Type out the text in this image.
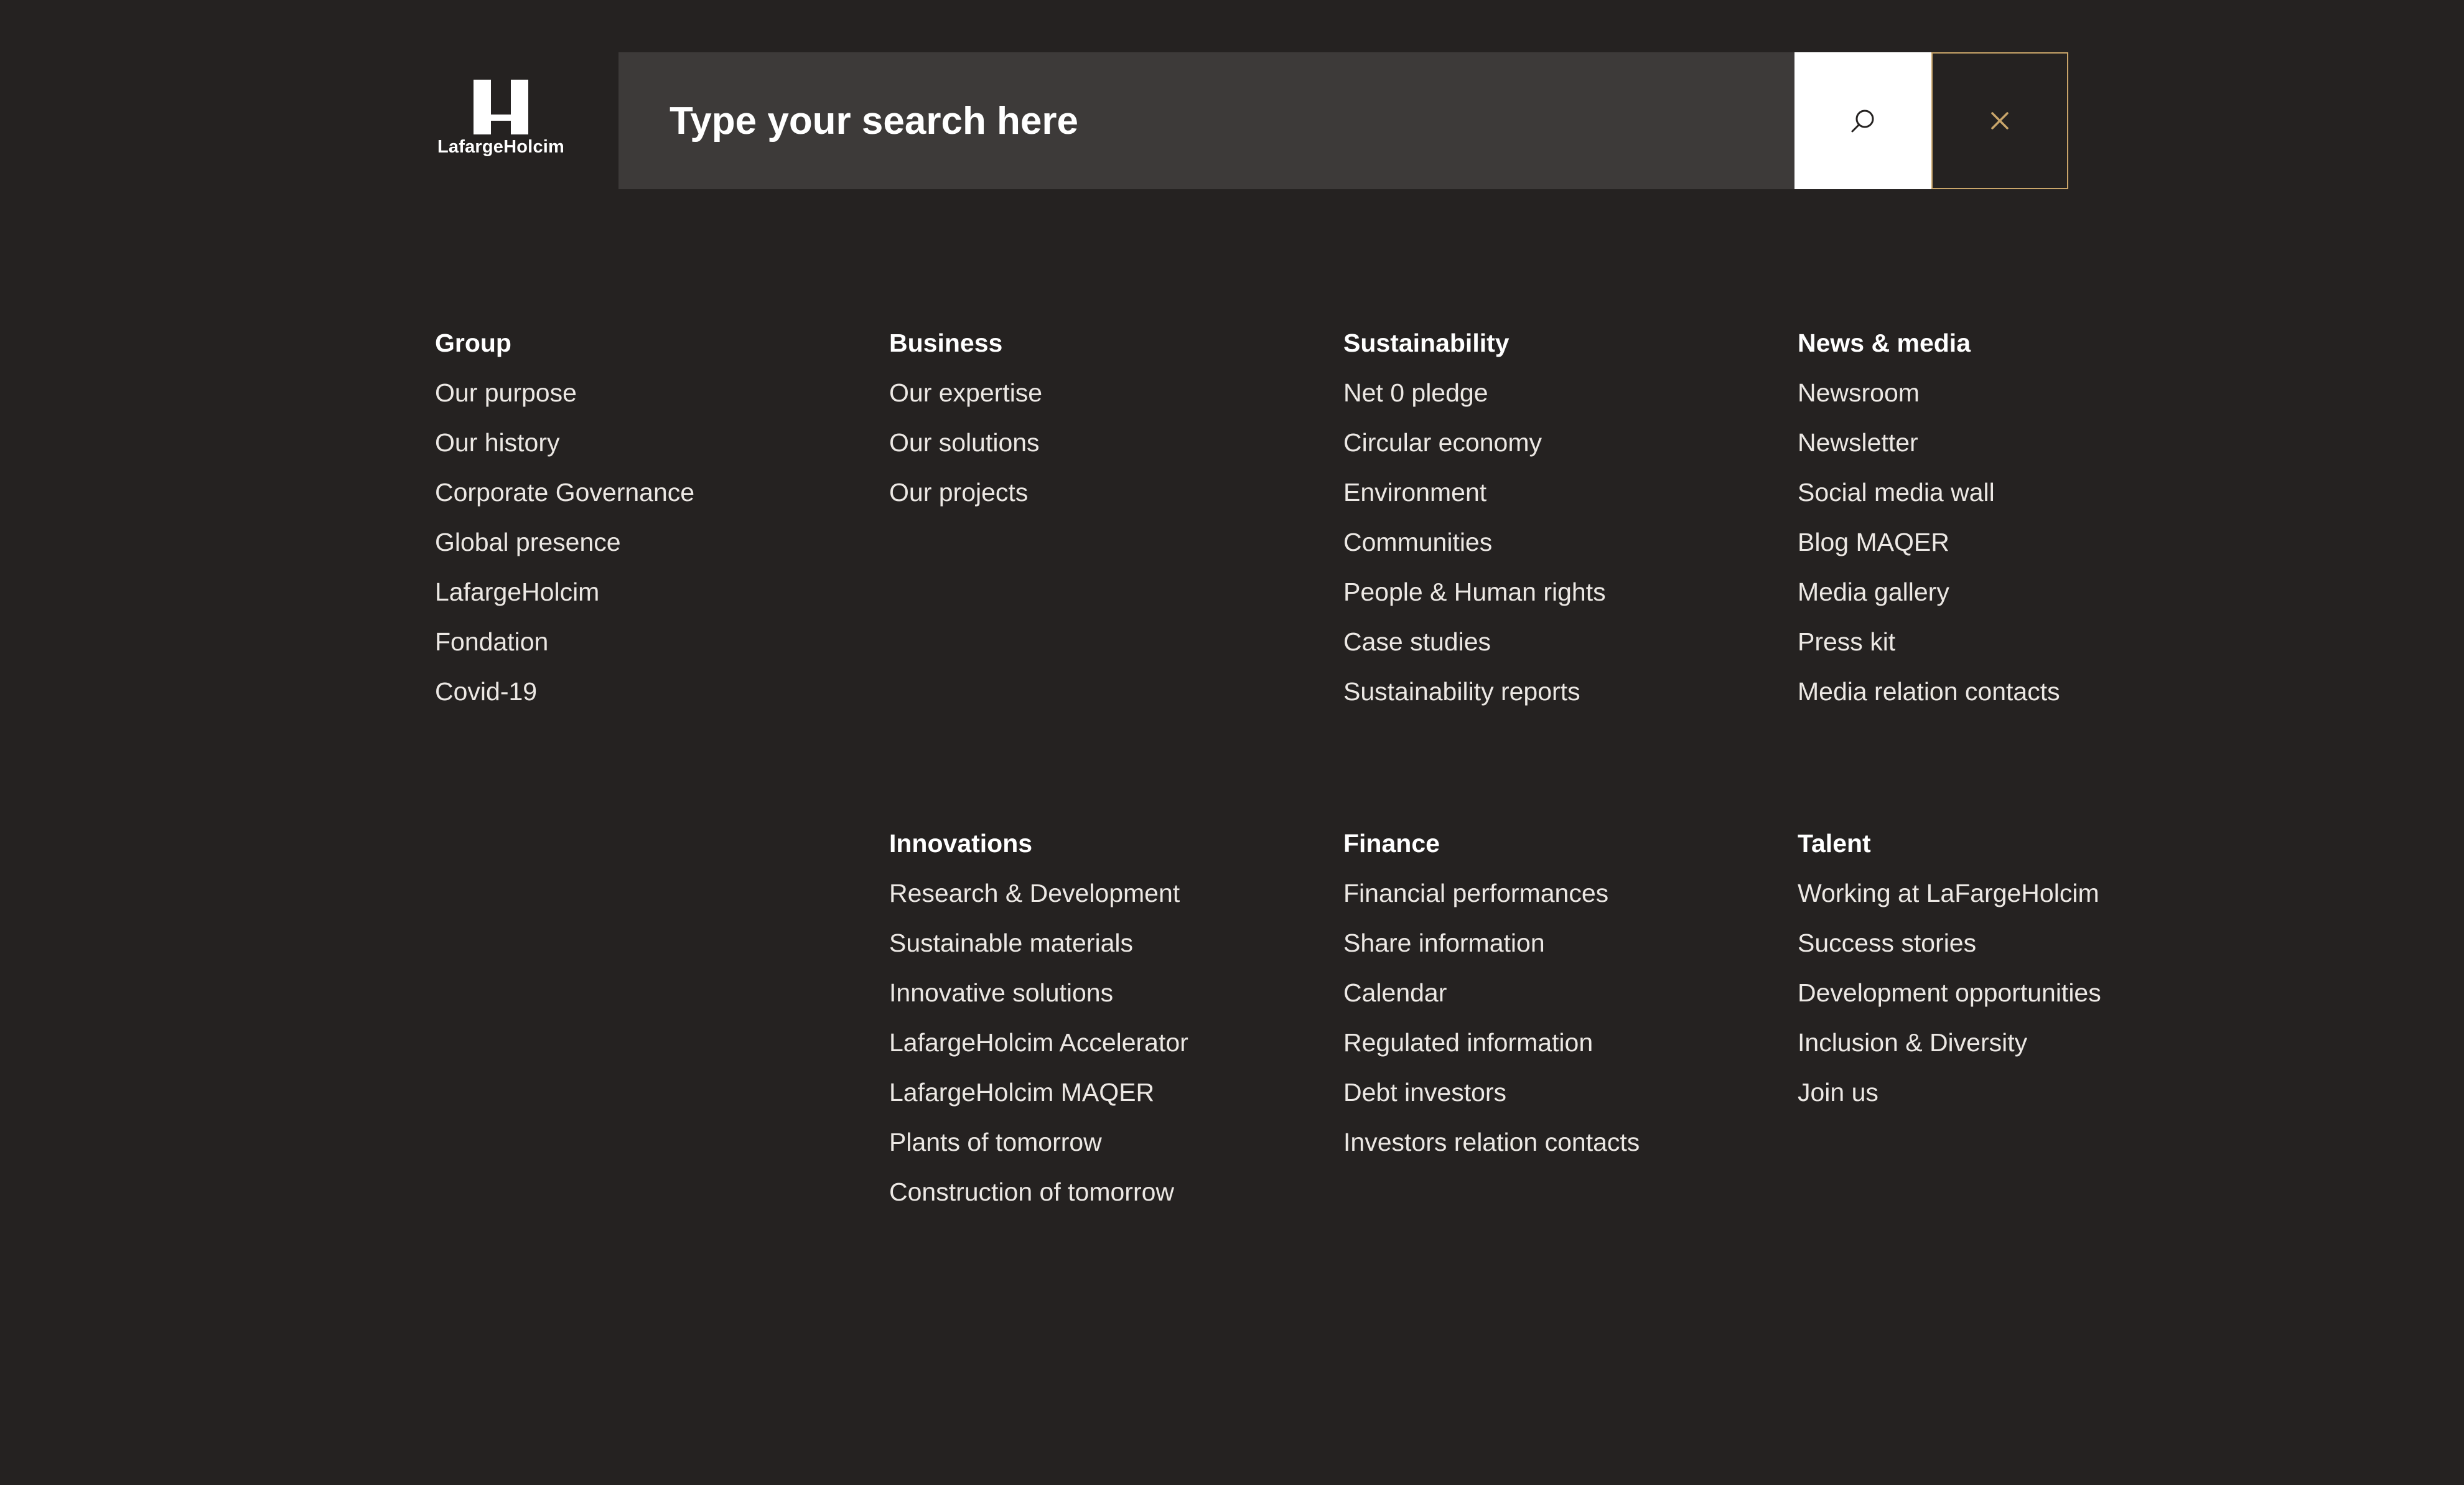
LafargeHolcim
Type your search here
Group
Our purpose
Our history
Corporate Governance
Global presence
LafargeHolcim
Fondation
Covid-19
Business
Our expertise
Our solutions
Our projects
Sustainability
Net 0 pledge
Circular economy
Environment
Communities
People & Human rights
Case studies
Sustainability reports
News & media
Newsroom
Newsletter
Social media wall
Blog MAQER
Media gallery
Press kit
Media relation contacts
Innovations
Research & Development
Sustainable materials
Innovative solutions
LafargeHolcim Accelerator
LafargeHolcim MAQER
Plants of tomorrow
Construction of tomorrow
Finance
Financial performances
Share information
Calendar
Regulated information
Debt investors
Investors relation contacts
Talent
Working at LaFargeHolcim
Success stories
Development opportunities
Inclusion & Diversity
Join us
